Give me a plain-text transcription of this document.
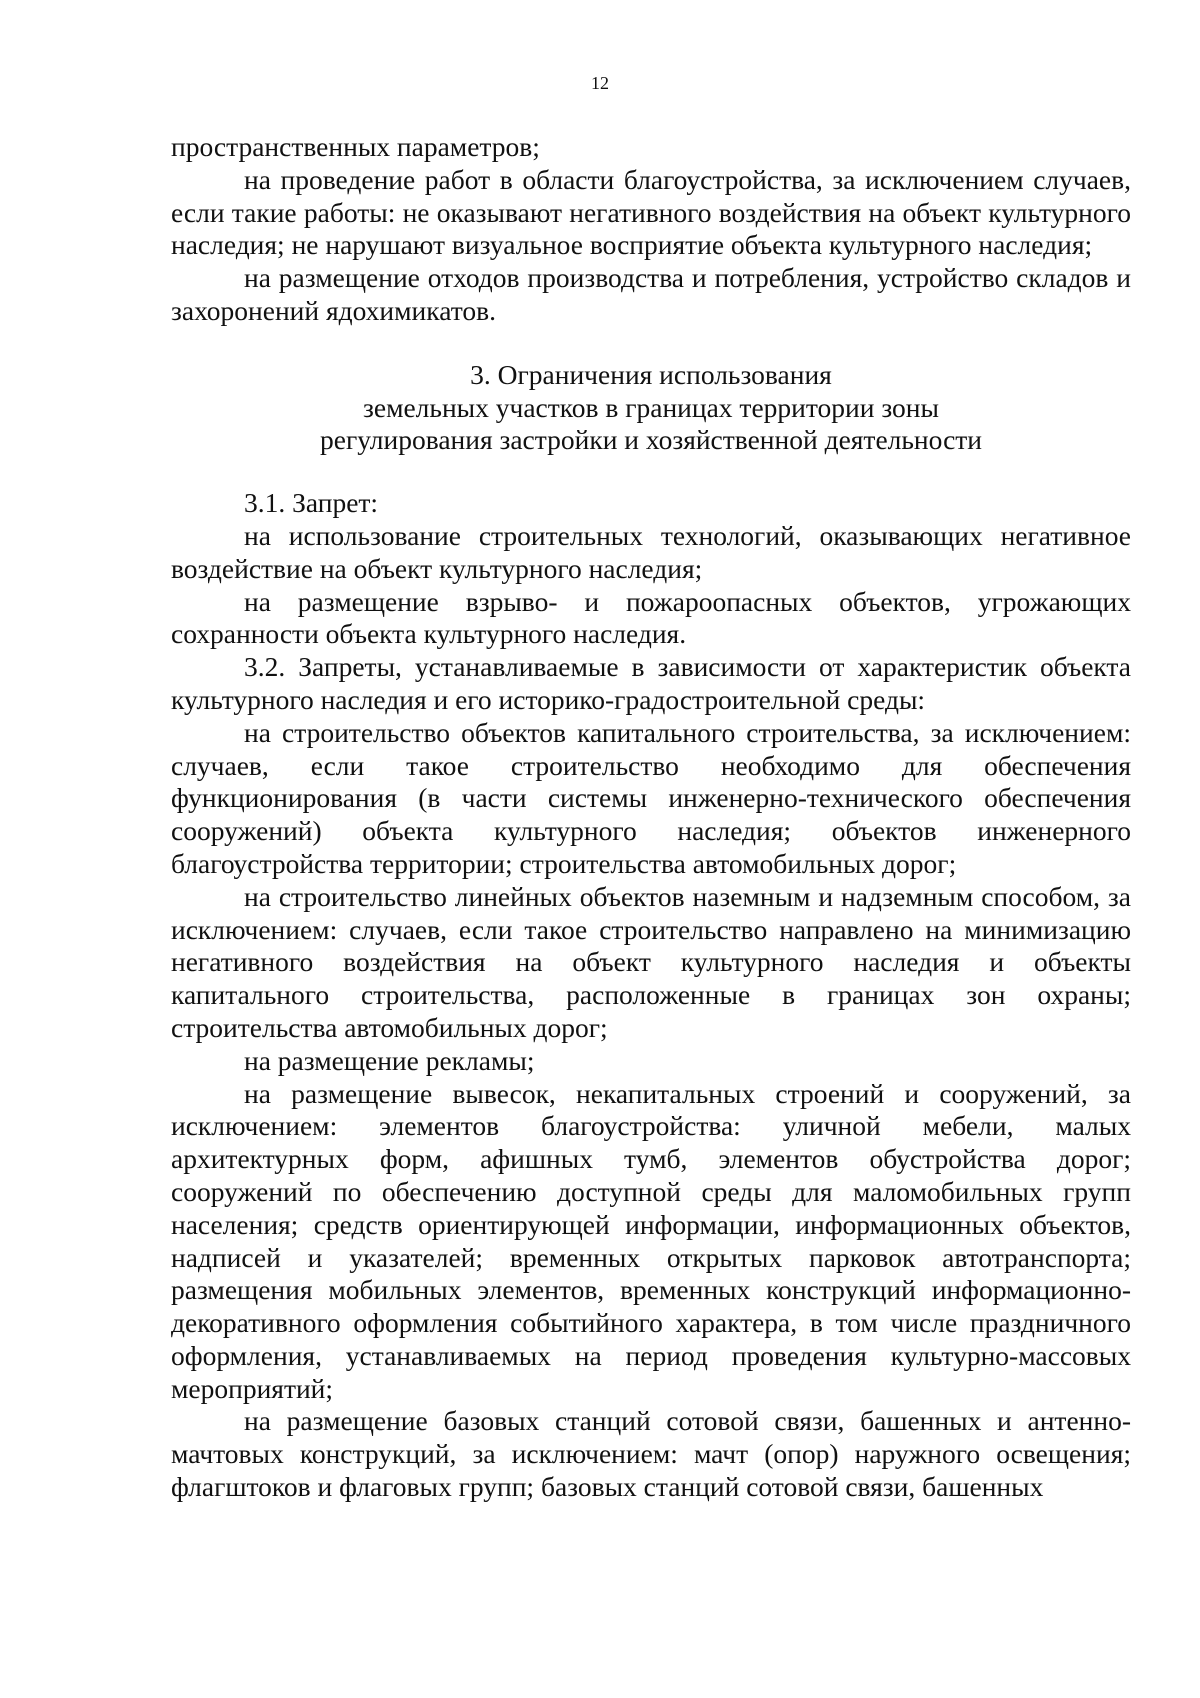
12

пространственных параметров;

на проведение работ в области благоустройства, за исключением случаев, если такие работы: не оказывают негативного воздействия на объект культурного наследия; не нарушают визуальное восприятие объекта культурного наследия;

на размещение отходов производства и потребления, устройство складов и захоронений ядохимикатов.

3. Ограничения использования
земельных участков в границах территории зоны
регулирования застройки и хозяйственной деятельности

3.1. Запрет:

на использование строительных технологий, оказывающих негативное воздействие на объект культурного наследия;

на размещение взрыво- и пожароопасных объектов, угрожающих сохранности объекта культурного наследия.

3.2. Запреты, устанавливаемые в зависимости от характеристик объекта культурного наследия и его историко-градостроительной среды:

на строительство объектов капитального строительства, за исключением: случаев, если такое строительство необходимо для обеспечения функционирования (в части системы инженерно-технического обеспечения сооружений) объекта культурного наследия; объектов инженерного благоустройства территории; строительства автомобильных дорог;

на строительство линейных объектов наземным и надземным способом, за исключением: случаев, если такое строительство направлено на минимизацию негативного воздействия на объект культурного наследия и объекты капитального строительства, расположенные в границах зон охраны; строительства автомобильных дорог;

на размещение рекламы;

на размещение вывесок, некапитальных строений и сооружений, за исключением: элементов благоустройства: уличной мебели, малых архитектурных форм, афишных тумб, элементов обустройства дорог; сооружений по обеспечению доступной среды для маломобильных групп населения; средств ориентирующей информации, информационных объектов, надписей и указателей; временных открытых парковок автотранспорта; размещения мобильных элементов, временных конструкций информационно-декоративного оформления событийного характера, в том числе праздничного оформления, устанавливаемых на период проведения культурно-массовых мероприятий;

на размещение базовых станций сотовой связи, башенных и антенно-мачтовых конструкций, за исключением: мачт (опор) наружного освещения; флагштоков и флаговых групп; базовых станций сотовой связи, башенных
